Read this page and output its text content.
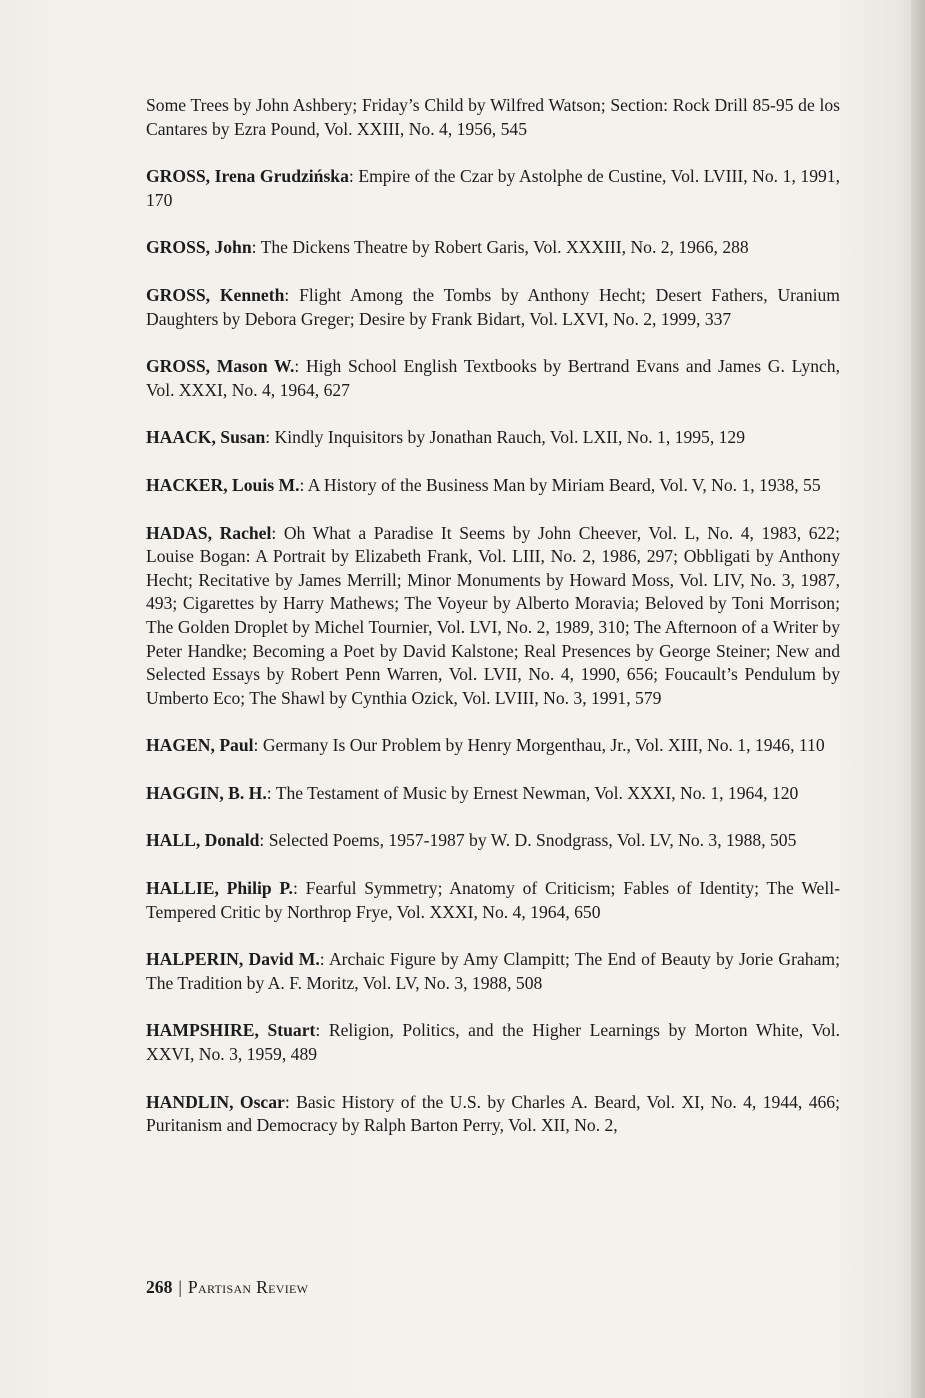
Some Trees by John Ashbery; Friday’s Child by Wilfred Watson; Section: Rock Drill 85-95 de los Cantares by Ezra Pound, Vol. XXIII, No. 4, 1956, 545

GROSS, Irena Grudzińska: Empire of the Czar by Astolphe de Custine, Vol. LVIII, No. 1, 1991, 170

GROSS, John: The Dickens Theatre by Robert Garis, Vol. XXXIII, No. 2, 1966, 288

GROSS, Kenneth: Flight Among the Tombs by Anthony Hecht; Desert Fathers, Uranium Daughters by Debora Greger; Desire by Frank Bidart, Vol. LXVI, No. 2, 1999, 337

GROSS, Mason W.: High School English Textbooks by Bertrand Evans and James G. Lynch, Vol. XXXI, No. 4, 1964, 627

HAACK, Susan: Kindly Inquisitors by Jonathan Rauch, Vol. LXII, No. 1, 1995, 129

HACKER, Louis M.: A History of the Business Man by Miriam Beard, Vol. V, No. 1, 1938, 55

HADAS, Rachel: Oh What a Paradise It Seems by John Cheever, Vol. L, No. 4, 1983, 622; Louise Bogan: A Portrait by Elizabeth Frank, Vol. LIII, No. 2, 1986, 297; Obbligati by Anthony Hecht; Recitative by James Merrill; Minor Monuments by Howard Moss, Vol. LIV, No. 3, 1987, 493; Cigarettes by Harry Mathews; The Voyeur by Alberto Moravia; Beloved by Toni Morrison; The Golden Droplet by Michel Tournier, Vol. LVI, No. 2, 1989, 310; The Afternoon of a Writer by Peter Handke; Becoming a Poet by David Kalstone; Real Presences by George Steiner; New and Selected Essays by Robert Penn Warren, Vol. LVII, No. 4, 1990, 656; Foucault’s Pendulum by Umberto Eco; The Shawl by Cynthia Ozick, Vol. LVIII, No. 3, 1991, 579

HAGEN, Paul: Germany Is Our Problem by Henry Morgenthau, Jr., Vol. XIII, No. 1, 1946, 110

HAGGIN, B. H.: The Testament of Music by Ernest Newman, Vol. XXXI, No. 1, 1964, 120

HALL, Donald: Selected Poems, 1957-1987 by W. D. Snodgrass, Vol. LV, No. 3, 1988, 505

HALLIE, Philip P.: Fearful Symmetry; Anatomy of Criticism; Fables of Identity; The Well-Tempered Critic by Northrop Frye, Vol. XXXI, No. 4, 1964, 650

HALPERIN, David M.: Archaic Figure by Amy Clampitt; The End of Beauty by Jorie Graham; The Tradition by A. F. Moritz, Vol. LV, No. 3, 1988, 508

HAMPSHIRE, Stuart: Religion, Politics, and the Higher Learnings by Morton White, Vol. XXVI, No. 3, 1959, 489

HANDLIN, Oscar: Basic History of the U.S. by Charles A. Beard, Vol. XI, No. 4, 1944, 466; Puritanism and Democracy by Ralph Barton Perry, Vol. XII, No. 2,

268 | Partisan Review
